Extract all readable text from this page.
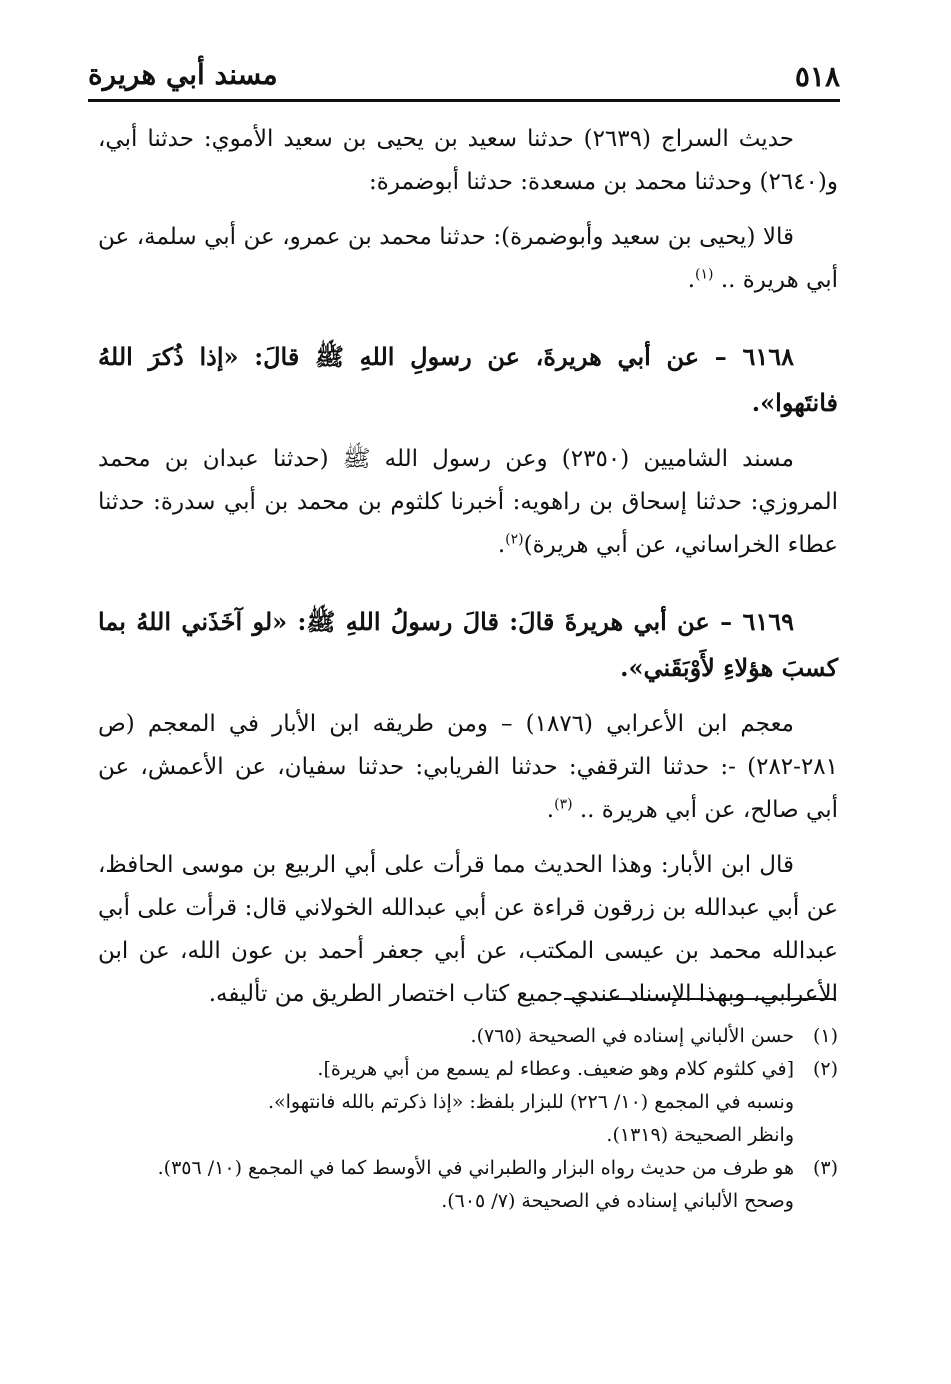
٥١٨
مسند أبي هريرة

حديث السراج (٢٦٣٩) حدثنا سعيد بن يحيى بن سعيد الأموي: حدثنا أبي، و(٢٦٤٠) وحدثنا محمد بن مسعدة: حدثنا أبوضمرة:

قالا (يحيى بن سعيد وأبوضمرة): حدثنا محمد بن عمرو، عن أبي سلمة، عن أبي هريرة .. $^{(١)}$.

٦١٦٨ – عن أبي هريرةَ، عن رسولِ اللهِ ﷺ قالَ: «إذا ذُكرَ اللهُ فانتَهوا».

مسند الشاميين (٢٣٥٠) وعن رسول الله ﷺ (حدثنا عبدان بن محمد المروزي: حدثنا إسحاق بن راهويه: أخبرنا كلثوم بن محمد بن أبي سدرة: حدثنا عطاء الخراساني، عن أبي هريرة)$^{(٢)}$.

٦١٦٩ – عن أبي هريرةَ قالَ: قالَ رسولُ اللهِ ﷺ: «لو آخَذَني اللهُ بما كسبَ هؤلاءِ لأَوْبَقَني».

معجم ابن الأعرابي (١٨٧٦) – ومن طريقه ابن الأبار في المعجم (ص ٢٨١-٢٨٢) -: حدثنا الترقفي: حدثنا الفريابي: حدثنا سفيان، عن الأعمش، عن أبي صالح، عن أبي هريرة .. $^{(٣)}$.

قال ابن الأبار: وهذا الحديث مما قرأت على أبي الربيع بن موسى الحافظ، عن أبي عبدالله بن زرقون قراءة عن أبي عبدالله الخولاني قال: قرأت على أبي عبدالله محمد بن عيسى المكتب، عن أبي جعفر أحمد بن عون الله، عن ابن الأعرابي، وبهذا الإسناد عندي جميع كتاب اختصار الطريق من تأليفه.

(١)
حسن الألباني إسناده في الصحيحة (٧٦٥).
(٢)
[في كلثوم كلام وهو ضعيف. وعطاء لم يسمع من أبي هريرة].
ونسبه في المجمع (١٠/ ٢٢٦) للبزار بلفظ: «إذا ذكرتم بالله فانتهوا».
وانظر الصحيحة (١٣١٩).
(٣)
هو طرف من حديث رواه البزار والطبراني في الأوسط كما في المجمع (١٠/ ٣٥٦).
وصحح الألباني إسناده في الصحيحة (٧/ ٦٠٥).
